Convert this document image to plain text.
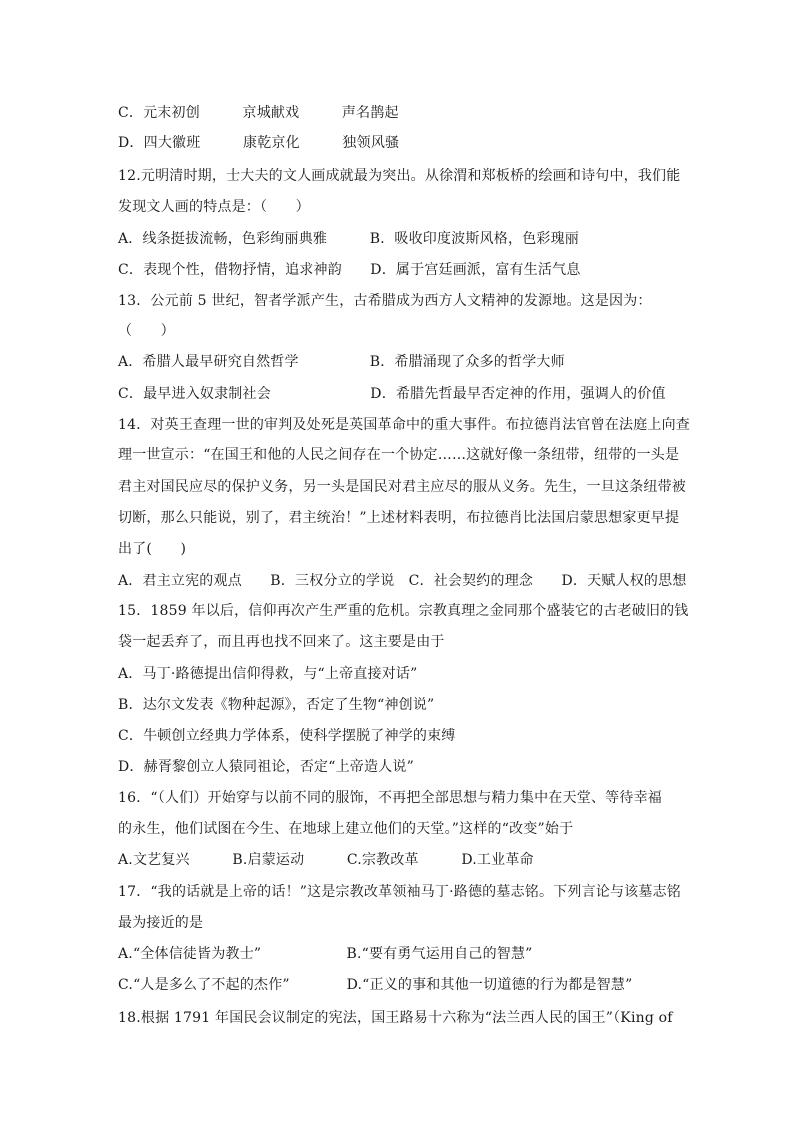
C．元末初创　　　京城献戏　　　声名鹊起
D．四大徽班　　　康乾京化　　　独领风骚
12.元明清时期，士大夫的文人画成就最为突出。从徐渭和郑板桥的绘画和诗句中，我们能
发现文人画的特点是：（　　）
A．线条挺拔流畅，色彩绚丽典雅　　　B．吸收印度波斯风格，色彩瑰丽
C．表现个性，借物抒情，追求神韵　　D．属于宫廷画派，富有生活气息
13．公元前 5 世纪，智者学派产生，古希腊成为西方人文精神的发源地。这是因为：
（　　）
A．希腊人最早研究自然哲学　　　　　B．希腊涌现了众多的哲学大师
C．最早进入奴隶制社会　　　　　　　D．希腊先哲最早否定神的作用，强调人的价值
14．对英王查理一世的审判及处死是英国革命中的重大事件。布拉德肖法官曾在法庭上向查
理一世宣示：“在国王和他的人民之间存在一个协定……这就好像一条纽带，纽带的一头是
君主对国民应尽的保护义务，另一头是国民对君主应尽的服从义务。先生，一旦这条纽带被
切断，那么只能说，别了，君主统治！”上述材料表明，布拉德肖比法国启蒙思想家更早提
出了(　　)
A．君主立宪的观点　　B．三权分立的学说　C．社会契约的理念　　D．天赋人权的思想
15．1859 年以后，信仰再次产生严重的危机。宗教真理之金同那个盛装它的古老破旧的钱
袋一起丢弃了，而且再也找不回来了。这主要是由于
A．马丁·路德提出信仰得救，与“上帝直接对话”
B．达尔文发表《物种起源》，否定了生物“神创说”
C．牛顿创立经典力学体系，使科学摆脱了神学的束缚
D．赫胥黎创立人猿同祖论，否定“上帝造人说”
16．“（人们）开始穿与以前不同的服饰，不再把全部思想与精力集中在天堂、等待幸福
的永生，他们试图在今生、在地球上建立他们的天堂。”这样的“改变”始于
A.文艺复兴　　　B.启蒙运动　　　C.宗教改革　　　D.工业革命
17．“我的话就是上帝的话！”这是宗教改革领袖马丁·路德的墓志铭。下列言论与该墓志铭
最为接近的是
A.“全体信徒皆为教士”　　　　　　B.“要有勇气运用自己的智慧”
C.“人是多么了不起的杰作”　　　　D.“正义的事和其他一切道德的行为都是智慧”
18.根据 1791 年国民会议制定的宪法，国王路易十六称为“法兰西人民的国王”（King of
